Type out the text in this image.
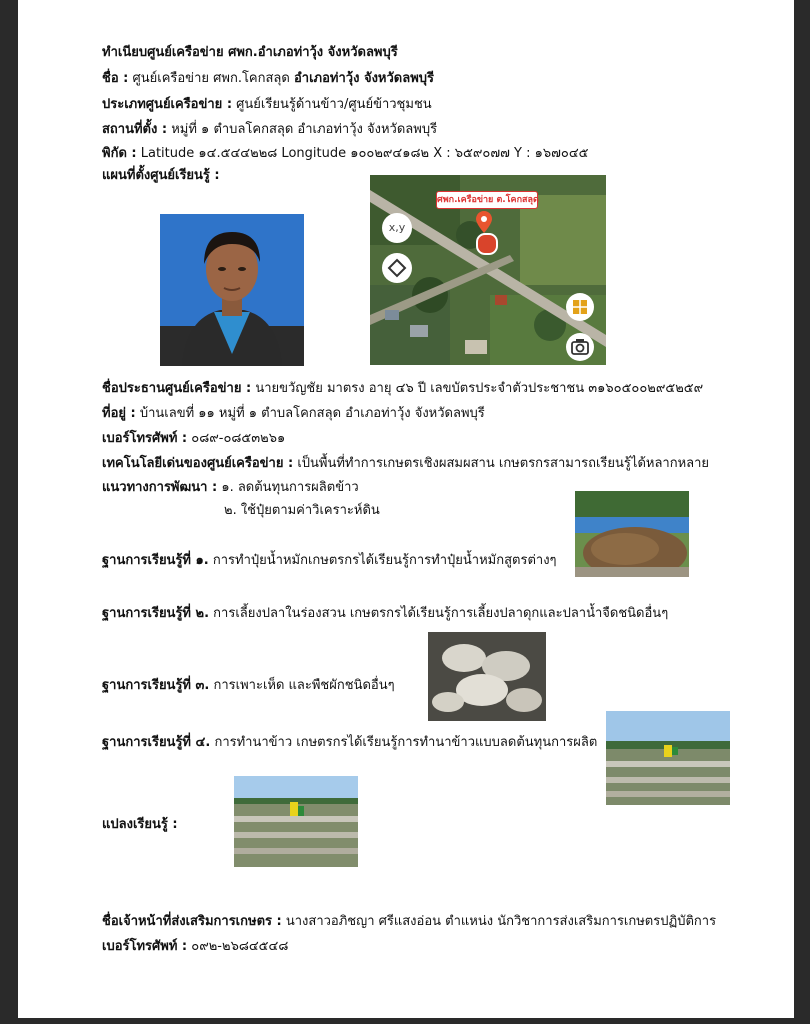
ทำเนียบศูนย์เครือข่าย ศพก.อำเภอท่าวุ้ง จังหวัดลพบุรี
ชื่อ : ศูนย์เครือข่าย ศพก.โคกสลุด อำเภอท่าวุ้ง จังหวัดลพบุรี
ประเภทศูนย์เครือข่าย : ศูนย์เรียนรู้ด้านข้าว/ศูนย์ข้าวชุมชน
สถานที่ตั้ง : หมู่ที่ ๑ ตำบลโคกสลุด อำเภอท่าวุ้ง จังหวัดลพบุรี
พิกัด : Latitude ๑๔.๕๔๔๒๒๘ Longitude ๑๐๐๒๙๔๑๘๒ X : ๖๕๙๐๗๗ Y : ๑๖๗๐๔๕
แผนที่ตั้งศูนย์เรียนรู้ :
ศพก.เครือข่าย ต.โคกสลุด
x,y
ชื่อประธานศูนย์เครือข่าย : นายขวัญชัย มาตรง อายุ ๔๖ ปี เลขบัตรประจำตัวประชาชน ๓๑๖๐๕๐๐๒๙๕๒๕๙
ที่อยู่ : บ้านเลขที่ ๑๑ หมู่ที่ ๑ ตำบลโคกสลุด อำเภอท่าวุ้ง จังหวัดลพบุรี
เบอร์โทรศัพท์ : ๐๘๙-๐๘๕๓๒๖๑
เทคโนโลยีเด่นของศูนย์เครือข่าย : เป็นพื้นที่ทำการเกษตรเชิงผสมผสาน เกษตรกรสามารถเรียนรู้ได้หลากหลาย
แนวทางการพัฒนา : ๑. ลดต้นทุนการผลิตข้าว
๒. ใช้ปุ๋ยตามค่าวิเคราะห์ดิน
ฐานการเรียนรู้ที่ ๑. การทำปุ๋ยน้ำหมักเกษตรกรได้เรียนรู้การทำปุ๋ยน้ำหมักสูตรต่างๆ
ฐานการเรียนรู้ที่ ๒. การเลี้ยงปลาในร่องสวน เกษตรกรได้เรียนรู้การเลี้ยงปลาดุกและปลาน้ำจืดชนิดอื่นๆ
ฐานการเรียนรู้ที่ ๓. การเพาะเห็ด และพืชผักชนิดอื่นๆ
ฐานการเรียนรู้ที่ ๔. การทำนาข้าว เกษตรกรได้เรียนรู้การทำนาข้าวแบบลดต้นทุนการผลิต
แปลงเรียนรู้ :
ชื่อเจ้าหน้าที่ส่งเสริมการเกษตร : นางสาวอภิชญา ศรีแสงอ่อน ตำแหน่ง นักวิชาการส่งเสริมการเกษตรปฏิบัติการ
เบอร์โทรศัพท์ : ๐๙๒-๒๖๘๔๕๔๘
